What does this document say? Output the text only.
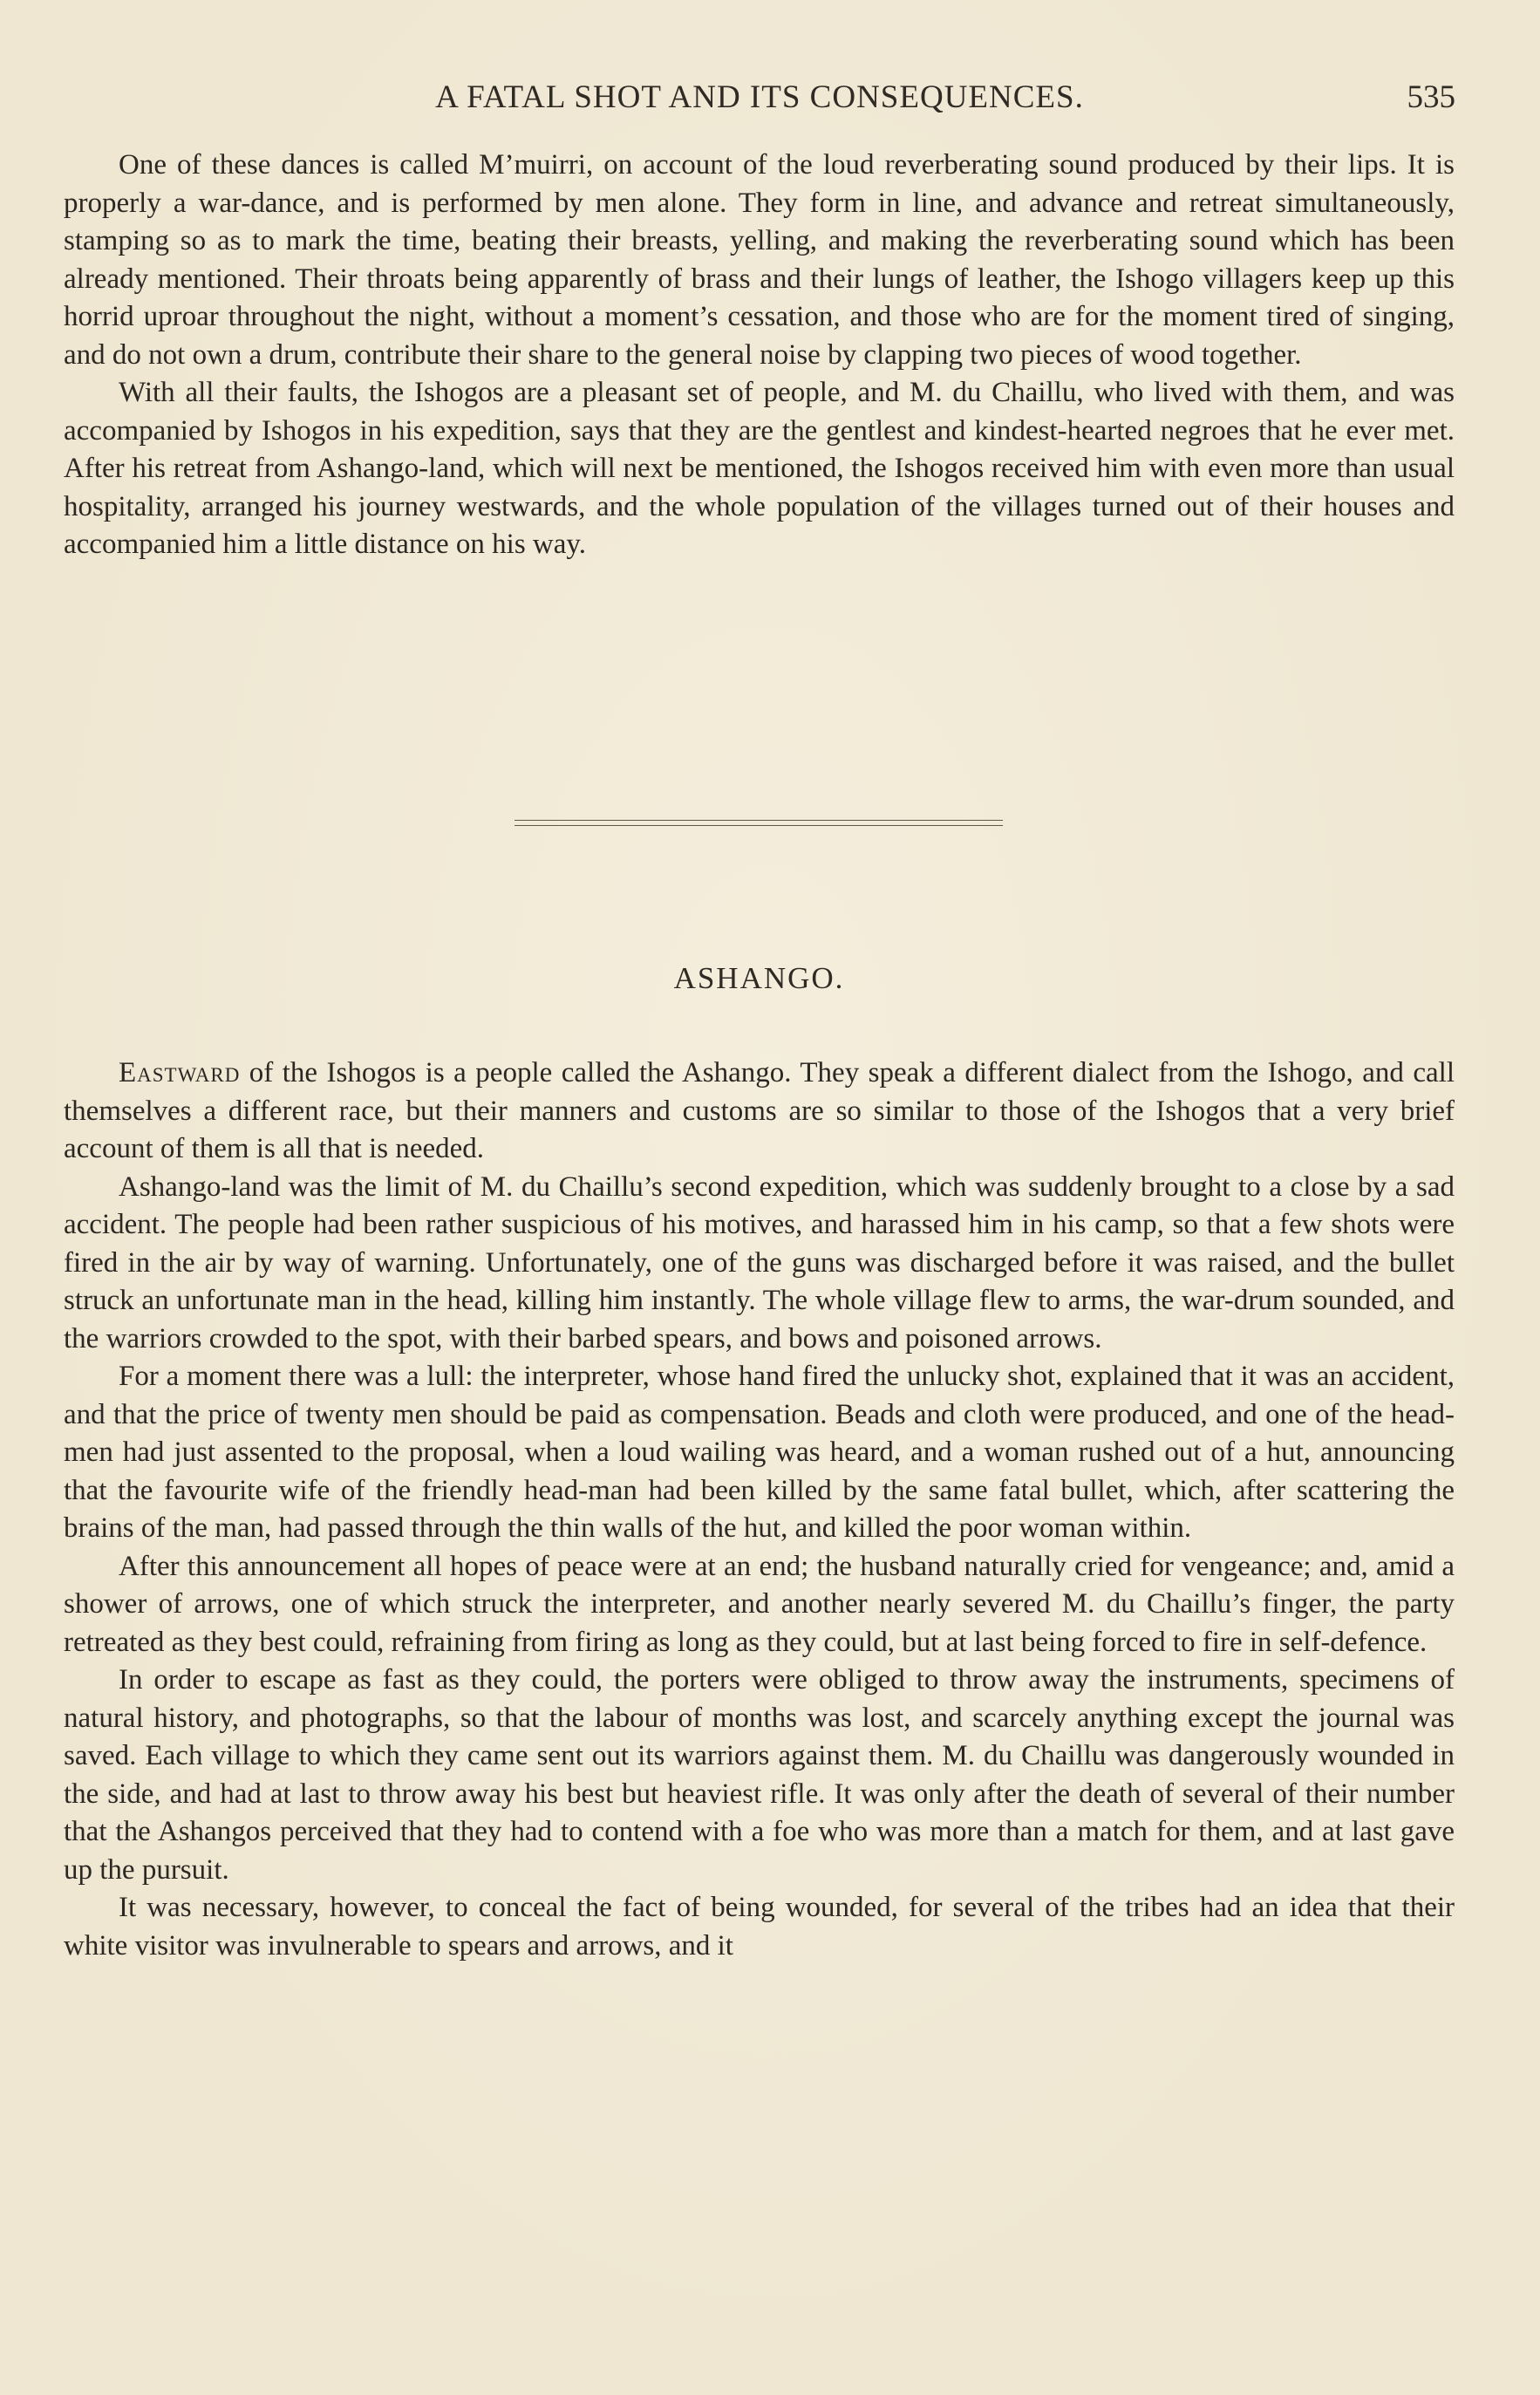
A FATAL SHOT AND ITS CONSEQUENCES.	535

One of these dances is called M’muirri, on account of the loud reverberating sound produced by their lips. It is properly a war-dance, and is performed by men alone. They form in line, and advance and retreat simultaneously, stamping so as to mark the time, beating their breasts, yelling, and making the reverberating sound which has been already mentioned. Their throats being apparently of brass and their lungs of leather, the Ishogo villagers keep up this horrid uproar throughout the night, without a moment’s cessation, and those who are for the moment tired of singing, and do not own a drum, contribute their share to the general noise by clapping two pieces of wood together.

With all their faults, the Ishogos are a pleasant set of people, and M. du Chaillu, who lived with them, and was accompanied by Ishogos in his expedition, says that they are the gentlest and kindest-hearted negroes that he ever met. After his retreat from Ashango-land, which will next be mentioned, the Ishogos received him with even more than usual hospitality, arranged his journey westwards, and the whole population of the villages turned out of their houses and accompanied him a little distance on his way.

ASHANGO.

Eastward of the Ishogos is a people called the Ashango. They speak a different dialect from the Ishogo, and call themselves a different race, but their manners and customs are so similar to those of the Ishogos that a very brief account of them is all that is needed.

Ashango-land was the limit of M. du Chaillu’s second expedition, which was suddenly brought to a close by a sad accident. The people had been rather suspicious of his motives, and harassed him in his camp, so that a few shots were fired in the air by way of warning. Unfortunately, one of the guns was discharged before it was raised, and the bullet struck an unfortunate man in the head, killing him instantly. The whole village flew to arms, the war-drum sounded, and the warriors crowded to the spot, with their barbed spears, and bows and poisoned arrows.

For a moment there was a lull: the interpreter, whose hand fired the unlucky shot, explained that it was an accident, and that the price of twenty men should be paid as compensation. Beads and cloth were produced, and one of the head-men had just assented to the proposal, when a loud wailing was heard, and a woman rushed out of a hut, announcing that the favourite wife of the friendly head-man had been killed by the same fatal bullet, which, after scattering the brains of the man, had passed through the thin walls of the hut, and killed the poor woman within.

After this announcement all hopes of peace were at an end; the husband naturally cried for vengeance; and, amid a shower of arrows, one of which struck the interpreter, and another nearly severed M. du Chaillu’s finger, the party retreated as they best could, refraining from firing as long as they could, but at last being forced to fire in self-defence.

In order to escape as fast as they could, the porters were obliged to throw away the instruments, specimens of natural history, and photographs, so that the labour of months was lost, and scarcely anything except the journal was saved. Each village to which they came sent out its warriors against them. M. du Chaillu was dangerously wounded in the side, and had at last to throw away his best but heaviest rifle. It was only after the death of several of their number that the Ashangos perceived that they had to contend with a foe who was more than a match for them, and at last gave up the pursuit.

It was necessary, however, to conceal the fact of being wounded, for several of the tribes had an idea that their white visitor was invulnerable to spears and arrows, and it
